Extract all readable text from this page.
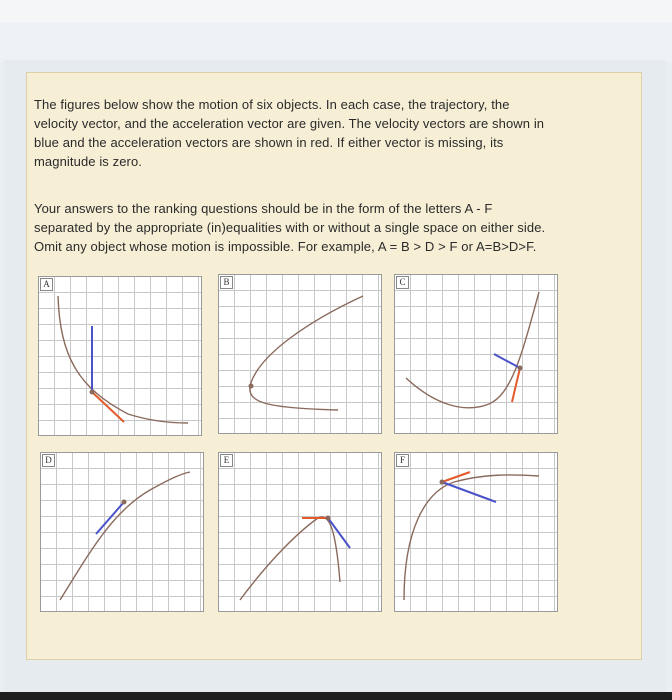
The figures below show the motion of six objects. In each case, the trajectory, the

velocity vector, and the acceleration vector are given. The velocity vectors are shown in

blue and the acceleration vectors are shown in red. If either vector is missing, its

magnitude is zero.

Your answers to the ranking questions should be in the form of the letters A - F

separated by the appropriate (in)equalities with or without a single space on either side.

Omit any object whose motion is impossible. For example, A = B > D > F or A=B>D>F.

A	B	C
D	E	F
